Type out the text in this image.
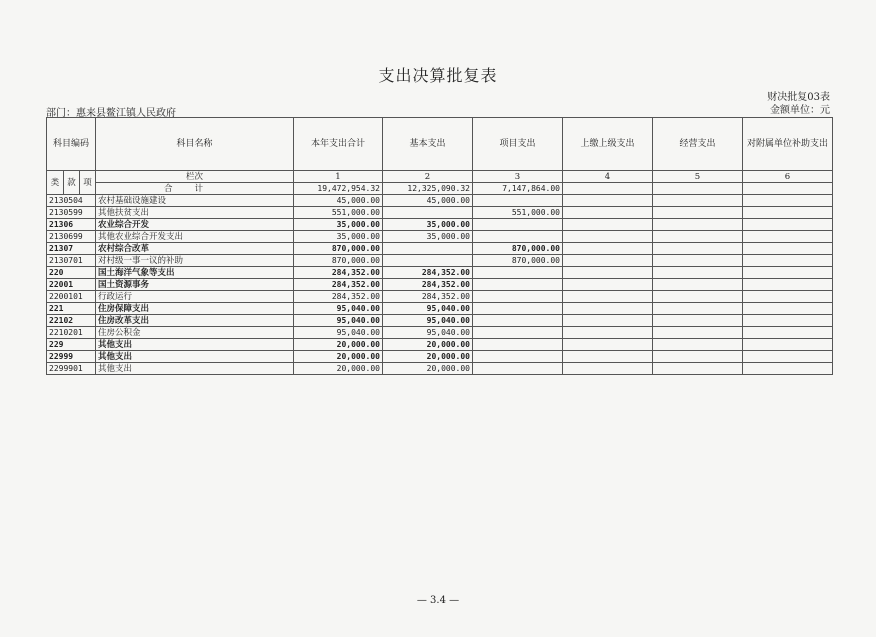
支出决算批复表
财决批复03表
部门：惠来县鳌江镇人民政府	金额单位：元
科目编码			科目名称	本年支出合计	基本支出	项目支出	上缴上级支出	经营支出	对附属单位补助支出
类	款	项	栏次	1	2	3	4	5	6
			合计	19,472,954.32	12,325,090.32	7,147,864.00			
2130504			农村基础设施建设	45,000.00	45,000.00				
2130599			其他扶贫支出	551,000.00		551,000.00			
21306			农业综合开发	35,000.00	35,000.00				
2130699			其他农业综合开发支出	35,000.00	35,000.00				
21307			农村综合改革	870,000.00		870,000.00			
2130701			对村级一事一议的补助	870,000.00		870,000.00			
220			国土海洋气象等支出	284,352.00	284,352.00				
22001			国土资源事务	284,352.00	284,352.00				
2200101			行政运行	284,352.00	284,352.00				
221			住房保障支出	95,040.00	95,040.00				
22102			住房改革支出	95,040.00	95,040.00				
2210201			住房公积金	95,040.00	95,040.00				
229			其他支出	20,000.00	20,000.00				
22999			其他支出	20,000.00	20,000.00				
2299901			其他支出	20,000.00	20,000.00				
— 3.4 —
